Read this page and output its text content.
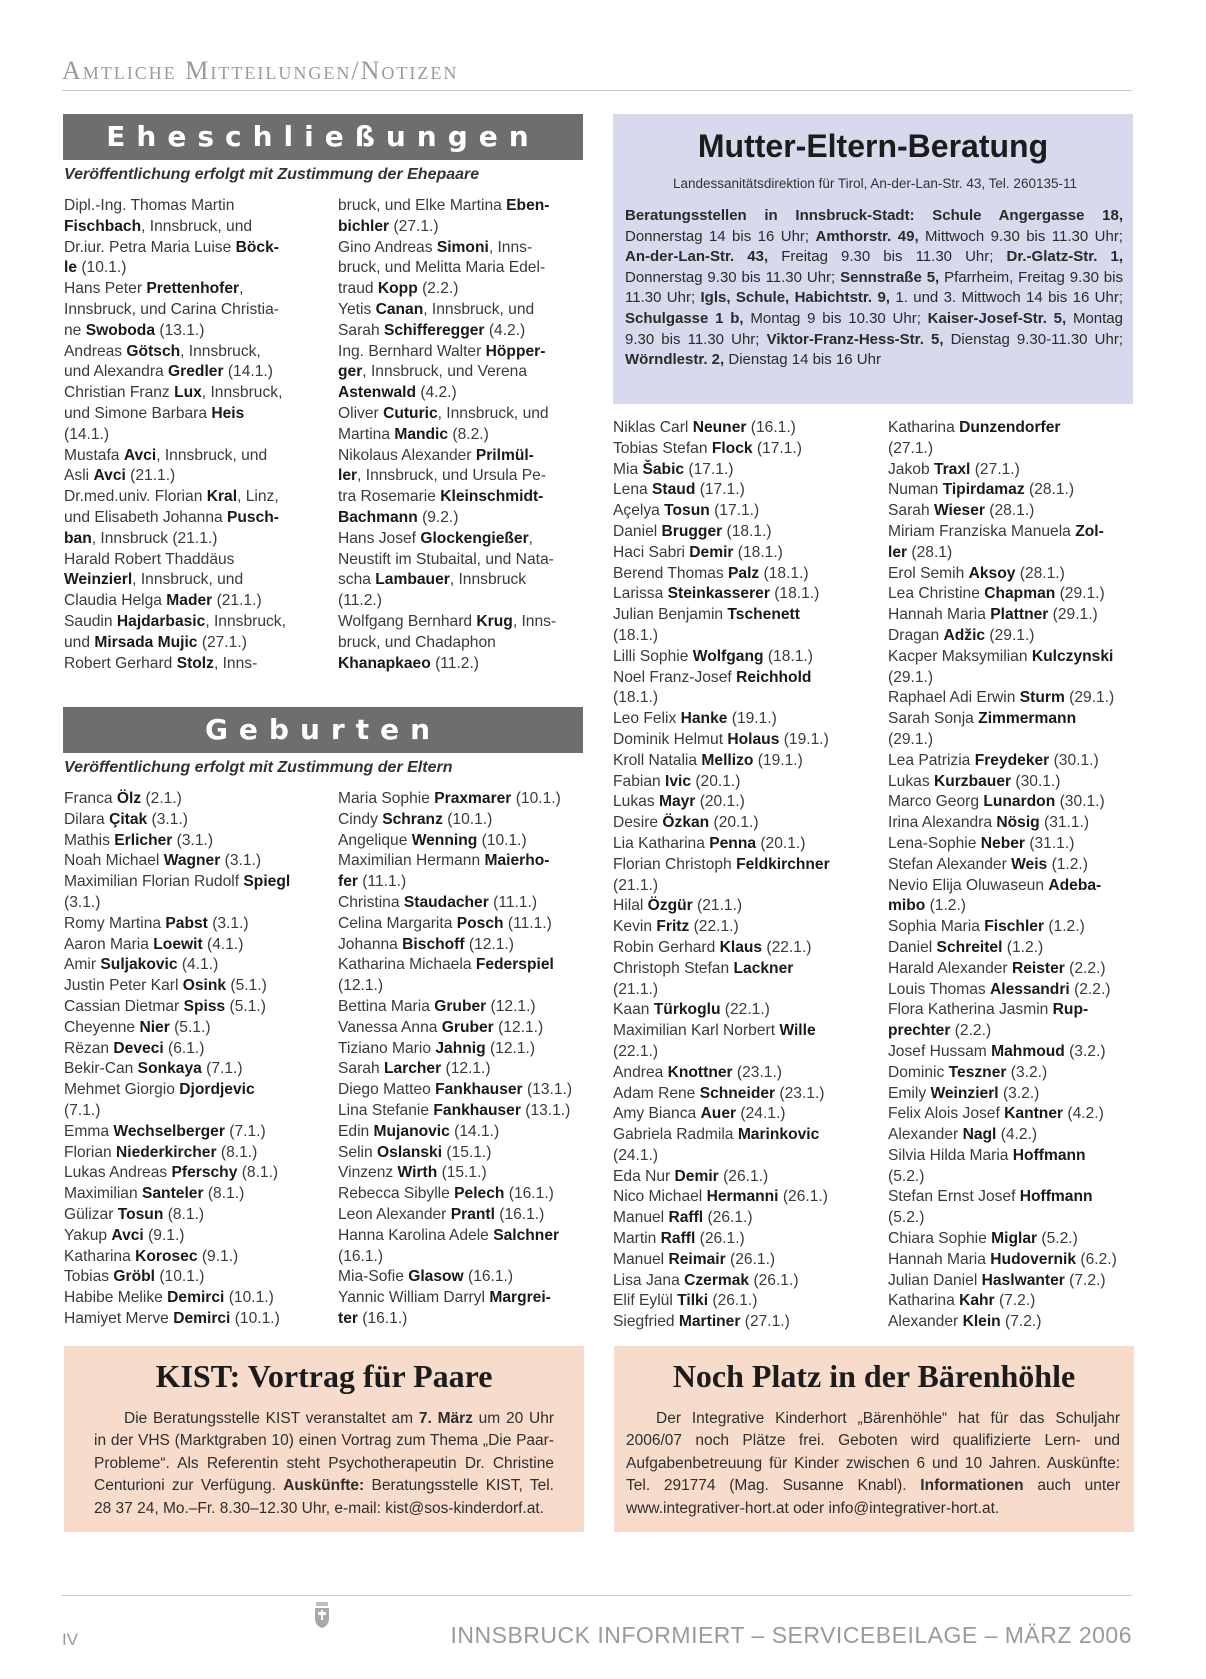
Amtliche Mitteilungen/Notizen
Eheschließungen
Veröffentlichung erfolgt mit Zustimmung der Ehepaare
Dipl.-Ing. Thomas Martin
Fischbach, Innsbruck, und
Dr.iur. Petra Maria Luise Böck-
le (10.1.)
Hans Peter Prettenhofer,
Innsbruck, und Carina Christia-
ne Swoboda (13.1.)
Andreas Götsch, Innsbruck,
und Alexandra Gredler (14.1.)
Christian Franz Lux, Innsbruck,
und Simone Barbara Heis
(14.1.)
Mustafa Avci, Innsbruck, und
Asli Avci (21.1.)
Dr.med.univ. Florian Kral, Linz,
und Elisabeth Johanna Pusch-
ban, Innsbruck (21.1.)
Harald Robert Thaddäus
Weinzierl, Innsbruck, und
Claudia Helga Mader (21.1.)
Saudin Hajdarbasic, Innsbruck,
und Mirsada Mujic (27.1.)
Robert Gerhard Stolz, Inns-
bruck, und Elke Martina Eben-
bichler (27.1.)
Gino Andreas Simoni, Inns-
bruck, und Melitta Maria Edel-
traud Kopp (2.2.)
Yetis Canan, Innsbruck, und
Sarah Schifferegger (4.2.)
Ing. Bernhard Walter Höpper-
ger, Innsbruck, und Verena
Astenwald (4.2.)
Oliver Cuturic, Innsbruck, und
Martina Mandic (8.2.)
Nikolaus Alexander Prilmül-
ler, Innsbruck, und Ursula Pe-
tra Rosemarie Kleinschmidt-
Bachmann (9.2.)
Hans Josef Glockengießer,
Neustift im Stubaital, und Nata-
scha Lambauer, Innsbruck
(11.2.)
Wolfgang Bernhard Krug, Inns-
bruck, und Chadaphon
Khanapkaeo (11.2.)
Geburten
Veröffentlichung erfolgt mit Zustimmung der Eltern
Franca Ölz (2.1.)
Dilara Çitak (3.1.)
Mathis Erlicher (3.1.)
Noah Michael Wagner (3.1.)
Maximilian Florian Rudolf Spiegl
(3.1.)
Romy Martina Pabst (3.1.)
Aaron Maria Loewit (4.1.)
Amir Suljakovic (4.1.)
Justin Peter Karl Osink (5.1.)
Cassian Dietmar Spiss (5.1.)
Cheyenne Nier (5.1.)
Rëzan Deveci (6.1.)
Bekir-Can Sonkaya (7.1.)
Mehmet Giorgio Djordjevic
(7.1.)
Emma Wechselberger (7.1.)
Florian Niederkircher (8.1.)
Lukas Andreas Pferschy (8.1.)
Maximilian Santeler (8.1.)
Gülizar Tosun (8.1.)
Yakup Avci (9.1.)
Katharina Korosec (9.1.)
Tobias Gröbl (10.1.)
Habibe Melike Demirci (10.1.)
Hamiyet Merve Demirci (10.1.)
Maria Sophie Praxmarer (10.1.)
Cindy Schranz (10.1.)
Angelique Wenning (10.1.)
Maximilian Hermann Maierho-
fer (11.1.)
Christina Staudacher (11.1.)
Celina Margarita Posch (11.1.)
Johanna Bischoff (12.1.)
Katharina Michaela Federspiel
(12.1.)
Bettina Maria Gruber (12.1.)
Vanessa Anna Gruber (12.1.)
Tiziano Mario Jahnig (12.1.)
Sarah Larcher (12.1.)
Diego Matteo Fankhauser (13.1.)
Lina Stefanie Fankhauser (13.1.)
Edin Mujanovic (14.1.)
Selin Oslanski (15.1.)
Vinzenz Wirth (15.1.)
Rebecca Sibylle Pelech (16.1.)
Leon Alexander Prantl (16.1.)
Hanna Karolina Adele Salchner
(16.1.)
Mia-Sofie Glasow (16.1.)
Yannic William Darryl Margrei-
ter (16.1.)
Niklas Carl Neuner (16.1.)
Tobias Stefan Flock (17.1.)
Mia Šabic (17.1.)
Lena Staud (17.1.)
Açelya Tosun (17.1.)
Daniel Brugger (18.1.)
Haci Sabri Demir (18.1.)
Berend Thomas Palz (18.1.)
Larissa Steinkasserer (18.1.)
Julian Benjamin Tschenett
(18.1.)
Lilli Sophie Wolfgang (18.1.)
Noel Franz-Josef Reichhold
(18.1.)
Leo Felix Hanke (19.1.)
Dominik Helmut Holaus (19.1.)
Kroll Natalia Mellizo (19.1.)
Fabian Ivic (20.1.)
Lukas Mayr (20.1.)
Desire Özkan (20.1.)
Lia Katharina Penna (20.1.)
Florian Christoph Feldkirchner
(21.1.)
Hilal Özgür (21.1.)
Kevin Fritz (22.1.)
Robin Gerhard Klaus (22.1.)
Christoph Stefan Lackner
(21.1.)
Kaan Türkoglu (22.1.)
Maximilian Karl Norbert Wille
(22.1.)
Andrea Knottner (23.1.)
Adam Rene Schneider (23.1.)
Amy Bianca Auer (24.1.)
Gabriela Radmila Marinkovic
(24.1.)
Eda Nur Demir (26.1.)
Nico Michael Hermanni (26.1.)
Manuel Raffl (26.1.)
Martin Raffl (26.1.)
Manuel Reimair (26.1.)
Lisa Jana Czermak (26.1.)
Elif Eylül Tilki (26.1.)
Siegfried Martiner (27.1.)
Katharina Dunzendorfer
(27.1.)
Jakob Traxl (27.1.)
Numan Tipirdamaz (28.1.)
Sarah Wieser (28.1.)
Miriam Franziska Manuela Zol-
ler (28.1)
Erol Semih Aksoy (28.1.)
Lea Christine Chapman (29.1.)
Hannah Maria Plattner (29.1.)
Dragan Adžic (29.1.)
Kacper Maksymilian Kulczynski
(29.1.)
Raphael Adi Erwin Sturm (29.1.)
Sarah Sonja Zimmermann
(29.1.)
Lea Patrizia Freydeker (30.1.)
Lukas Kurzbauer (30.1.)
Marco Georg Lunardon (30.1.)
Irina Alexandra Nösig (31.1.)
Lena-Sophie Neber (31.1.)
Stefan Alexander Weis (1.2.)
Nevio Elija Oluwaseun Adeba-
mibo (1.2.)
Sophia Maria Fischler (1.2.)
Daniel Schreitel (1.2.)
Harald Alexander Reister (2.2.)
Louis Thomas Alessandri (2.2.)
Flora Katherina Jasmin Rup-
prechter (2.2.)
Josef Hussam Mahmoud (3.2.)
Dominic Teszner (3.2.)
Emily Weinzierl (3.2.)
Felix Alois Josef Kantner (4.2.)
Alexander Nagl (4.2.)
Silvia Hilda Maria Hoffmann
(5.2.)
Stefan Ernst Josef Hoffmann
(5.2.)
Chiara Sophie Miglar (5.2.)
Hannah Maria Hudovernik (6.2.)
Julian Daniel Haslwanter (7.2.)
Katharina Kahr (7.2.)
Alexander Klein (7.2.)
Mutter-Eltern-Beratung
Landessanitätsdirektion für Tirol, An-der-Lan-Str. 43, Tel. 260135-11
Beratungsstellen in Innsbruck-Stadt: Schule Angergasse 18, Donnerstag 14 bis 16 Uhr; Amthorstr. 49, Mittwoch 9.30 bis 11.30 Uhr; An-der-Lan-Str. 43, Freitag 9.30 bis 11.30 Uhr; Dr.-Glatz-Str. 1, Donnerstag 9.30 bis 11.30 Uhr; Sennstraße 5, Pfarrheim, Freitag 9.30 bis 11.30 Uhr; Igls, Schule, Habichtstr. 9, 1. und 3. Mittwoch 14 bis 16 Uhr; Schulgasse 1 b, Montag 9 bis 10.30 Uhr; Kaiser-Josef-Str. 5, Montag 9.30 bis 11.30 Uhr; Viktor-Franz-Hess-Str. 5, Dienstag 9.30-11.30 Uhr; Wörndlestr. 2, Dienstag 14 bis 16 Uhr
KIST: Vortrag für Paare
Die Beratungsstelle KIST veranstaltet am 7. März um 20 Uhr in der VHS (Marktgraben 10) einen Vortrag zum Thema „Die Paar-Probleme“. Als Referentin steht Psychotherapeutin Dr. Christine Centurioni zur Verfügung. Auskünfte: Beratungsstelle KIST, Tel. 28 37 24, Mo.–Fr. 8.30–12.30 Uhr, e-mail: kist@sos-kinderdorf.at.
Noch Platz in der Bärenhöhle
Der Integrative Kinderhort „Bärenhöhle“ hat für das Schuljahr 2006/07 noch Plätze frei. Geboten wird qualifizierte Lern- und Aufgabenbetreuung für Kinder zwischen 6 und 10 Jahren. Auskünfte: Tel. 291774 (Mag. Susanne Knabl). Informationen auch unter www.integrativer-hort.at oder info@integrativer-hort.at.
IV	INNSBRUCK INFORMIERT – SERVICEBEILAGE – MÄRZ 2006
